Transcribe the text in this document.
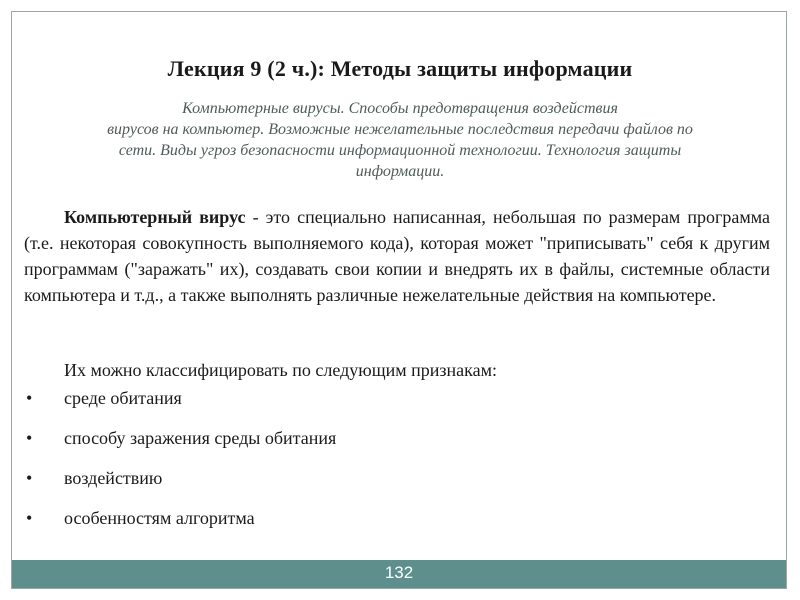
Лекция 9 (2 ч.): Методы защиты информации
Компьютерные вирусы. Способы предотвращения воздействия
вирусов на компьютер. Возможные нежелательные последствия передачи файлов по
сети. Виды угроз безопасности информационной технологии. Технология защиты
информации.
Компьютерный вирус - это специально написанная, небольшая по размерам программа (т.е. некоторая совокупность выполняемого кода), которая может "приписывать" себя к другим программам ("заражать" их), создавать свои копии и внедрять их в файлы, системные области компьютера и т.д., а также выполнять различные нежелательные действия на компьютере.
Их можно классифицировать по следующим признакам:
• среде обитания
• способу заражения среды обитания
• воздействию
• особенностям алгоритма
132
